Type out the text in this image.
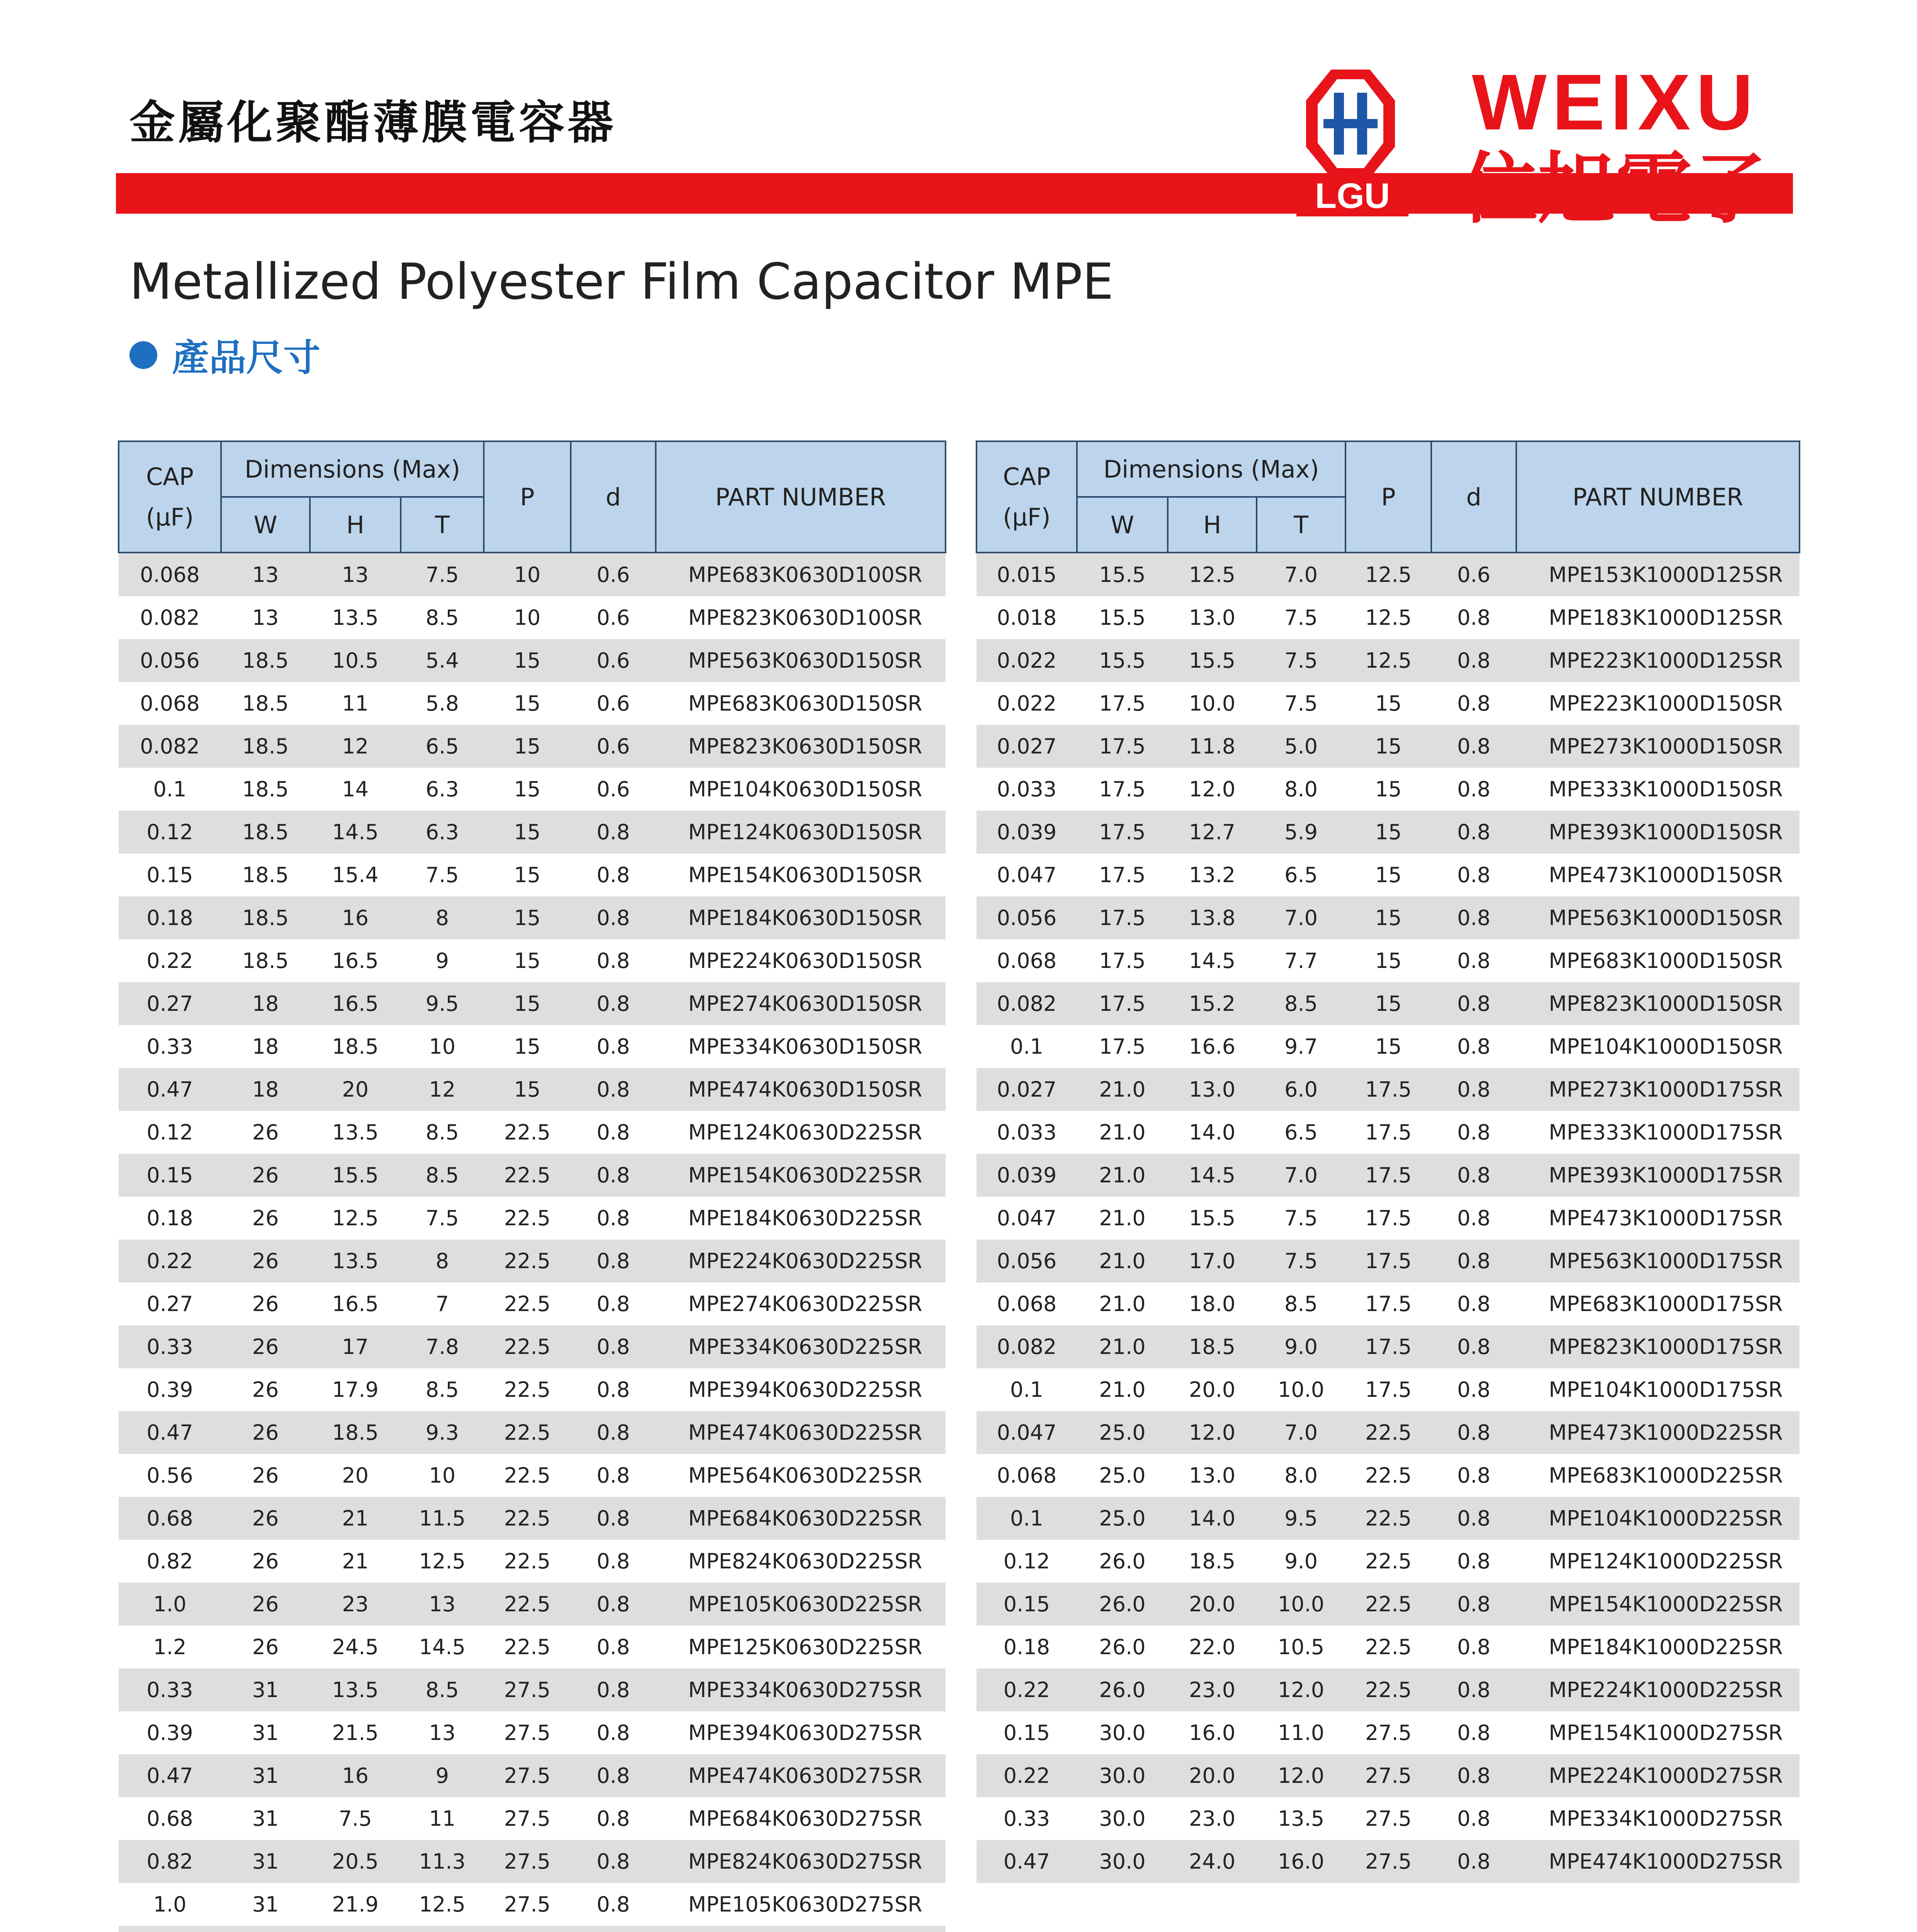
金屬化聚酯薄膜電容器
LGU
WEIXU
位旭電子
Metallized Polyester Film Capacitor MPE
產品尺寸
CAP
(μF)	Dimensions (Max)			P	d	PART NUMBER
	W	H	T			
0.068	13	13	7.5	10	0.6	MPE683K0630D100SR
0.082	13	13.5	8.5	10	0.6	MPE823K0630D100SR
0.056	18.5	10.5	5.4	15	0.6	MPE563K0630D150SR
0.068	18.5	11	5.8	15	0.6	MPE683K0630D150SR
0.082	18.5	12	6.5	15	0.6	MPE823K0630D150SR
0.1	18.5	14	6.3	15	0.6	MPE104K0630D150SR
0.12	18.5	14.5	6.3	15	0.8	MPE124K0630D150SR
0.15	18.5	15.4	7.5	15	0.8	MPE154K0630D150SR
0.18	18.5	16	8	15	0.8	MPE184K0630D150SR
0.22	18.5	16.5	9	15	0.8	MPE224K0630D150SR
0.27	18	16.5	9.5	15	0.8	MPE274K0630D150SR
0.33	18	18.5	10	15	0.8	MPE334K0630D150SR
0.47	18	20	12	15	0.8	MPE474K0630D150SR
0.12	26	13.5	8.5	22.5	0.8	MPE124K0630D225SR
0.15	26	15.5	8.5	22.5	0.8	MPE154K0630D225SR
0.18	26	12.5	7.5	22.5	0.8	MPE184K0630D225SR
0.22	26	13.5	8	22.5	0.8	MPE224K0630D225SR
0.27	26	16.5	7	22.5	0.8	MPE274K0630D225SR
0.33	26	17	7.8	22.5	0.8	MPE334K0630D225SR
0.39	26	17.9	8.5	22.5	0.8	MPE394K0630D225SR
0.47	26	18.5	9.3	22.5	0.8	MPE474K0630D225SR
0.56	26	20	10	22.5	0.8	MPE564K0630D225SR
0.68	26	21	11.5	22.5	0.8	MPE684K0630D225SR
0.82	26	21	12.5	22.5	0.8	MPE824K0630D225SR
1.0	26	23	13	22.5	0.8	MPE105K0630D225SR
1.2	26	24.5	14.5	22.5	0.8	MPE125K0630D225SR
0.33	31	13.5	8.5	27.5	0.8	MPE334K0630D275SR
0.39	31	21.5	13	27.5	0.8	MPE394K0630D275SR
0.47	31	16	9	27.5	0.8	MPE474K0630D275SR
0.68	31	7.5	11	27.5	0.8	MPE684K0630D275SR
0.82	31	20.5	11.3	27.5	0.8	MPE824K0630D275SR
1.0	31	21.9	12.5	27.5	0.8	MPE105K0630D275SR

CAP
(μF)	Dimensions (Max)			P	d	PART NUMBER
	W	H	T			
0.015	15.5	12.5	7.0	12.5	0.6	MPE153K1000D125SR
0.018	15.5	13.0	7.5	12.5	0.8	MPE183K1000D125SR
0.022	15.5	15.5	7.5	12.5	0.8	MPE223K1000D125SR
0.022	17.5	10.0	7.5	15	0.8	MPE223K1000D150SR
0.027	17.5	11.8	5.0	15	0.8	MPE273K1000D150SR
0.033	17.5	12.0	8.0	15	0.8	MPE333K1000D150SR
0.039	17.5	12.7	5.9	15	0.8	MPE393K1000D150SR
0.047	17.5	13.2	6.5	15	0.8	MPE473K1000D150SR
0.056	17.5	13.8	7.0	15	0.8	MPE563K1000D150SR
0.068	17.5	14.5	7.7	15	0.8	MPE683K1000D150SR
0.082	17.5	15.2	8.5	15	0.8	MPE823K1000D150SR
0.1	17.5	16.6	9.7	15	0.8	MPE104K1000D150SR
0.027	21.0	13.0	6.0	17.5	0.8	MPE273K1000D175SR
0.033	21.0	14.0	6.5	17.5	0.8	MPE333K1000D175SR
0.039	21.0	14.5	7.0	17.5	0.8	MPE393K1000D175SR
0.047	21.0	15.5	7.5	17.5	0.8	MPE473K1000D175SR
0.056	21.0	17.0	7.5	17.5	0.8	MPE563K1000D175SR
0.068	21.0	18.0	8.5	17.5	0.8	MPE683K1000D175SR
0.082	21.0	18.5	9.0	17.5	0.8	MPE823K1000D175SR
0.1	21.0	20.0	10.0	17.5	0.8	MPE104K1000D175SR
0.047	25.0	12.0	7.0	22.5	0.8	MPE473K1000D225SR
0.068	25.0	13.0	8.0	22.5	0.8	MPE683K1000D225SR
0.1	25.0	14.0	9.5	22.5	0.8	MPE104K1000D225SR
0.12	26.0	18.5	9.0	22.5	0.8	MPE124K1000D225SR
0.15	26.0	20.0	10.0	22.5	0.8	MPE154K1000D225SR
0.18	26.0	22.0	10.5	22.5	0.8	MPE184K1000D225SR
0.22	26.0	23.0	12.0	22.5	0.8	MPE224K1000D225SR
0.15	30.0	16.0	11.0	27.5	0.8	MPE154K1000D275SR
0.22	30.0	20.0	12.0	27.5	0.8	MPE224K1000D275SR
0.33	30.0	23.0	13.5	27.5	0.8	MPE334K1000D275SR
0.47	30.0	24.0	16.0	27.5	0.8	MPE474K1000D275SR
